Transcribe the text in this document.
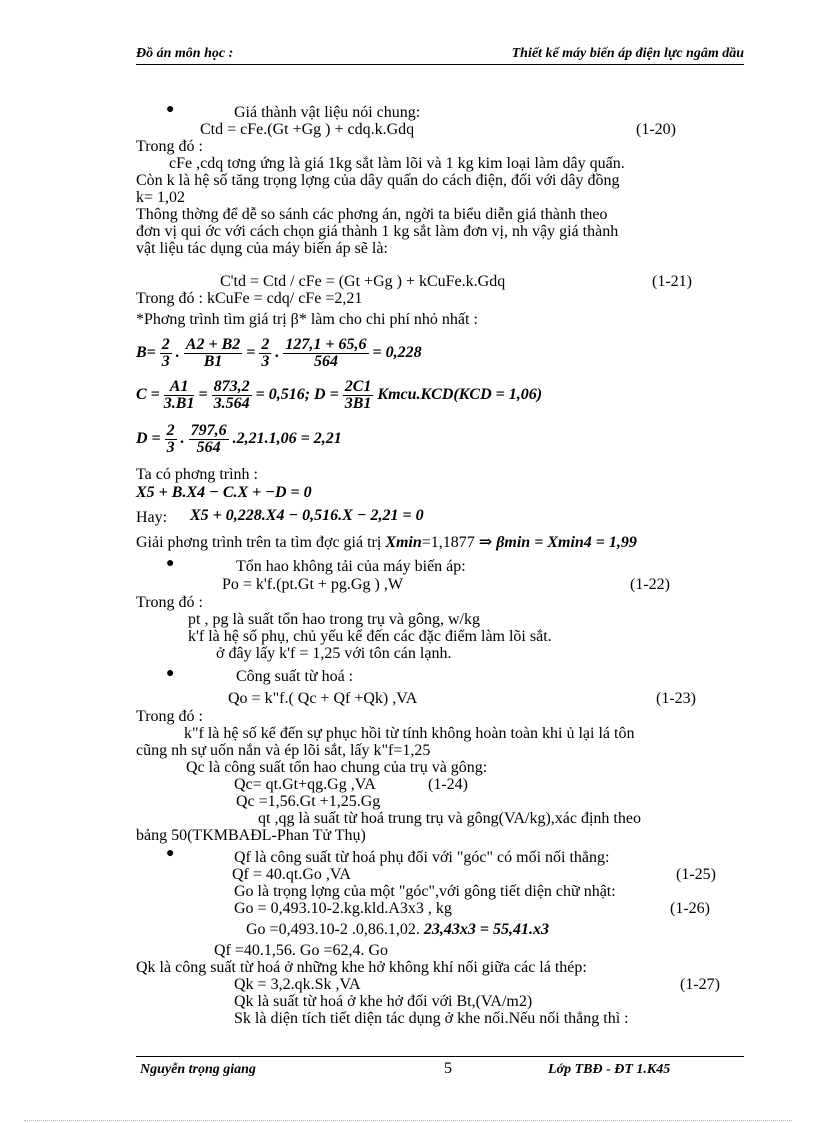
Đồ án môn học :	Thiết kế máy biến áp điện lực ngâm dầu
●	Giá thành vật liệu nói chung:
Ctd = cFe.(Gt +Gg ) + cdq.k.Gdq	(1-20)
Trong đó :
cFe ,cdq tơng ứng là giá 1kg sắt làm lõi và 1 kg kim loại làm dây quấn.
Còn k là hệ số tăng trọng lợng của dây quấn do cách điện, đối với dây đồng
k= 1,02
Thông thờng để dễ so sánh các phơng án, ngời ta biểu diễn giá thành theo
đơn vị qui ớc với cách chọn giá thành 1 kg sắt làm đơn vị, nh vậy giá thành
vật liệu tác dụng của máy biến áp sẽ là:
C'td = Ctd / cFe = (Gt +Gg ) + kCuFe.k.Gdq	(1-21)
Trong đó : kCuFe = cdq/ cFe =2,21
*Phơng trình tìm giá trị β* làm cho chi phí nhỏ nhất :
$B= \frac{2}{3}$ . $\frac{A2 + B2}{B1} = \frac{2}{3}$ . $\frac{127,1 + 65,6}{564} = 0,228$
$C = \frac{A1}{3.B1} = \frac{873,2}{3.564} = 0,516$; $D = \frac{2C1}{3B1}$ Kmcu.KCD(KCD = 1,06)
$D = \frac{2}{3}$ . $\frac{797,6}{564} .2,21.1,06 = 2,21$
Ta có phơng trình :
X5 + B.X4 − C.X + −D = 0
Hay: X5 + 0,228.X4 − 0,516.X − 2,21 = 0
Giải phơng trình trên ta tìm đợc giá trị Xmin=1,1877 ⇒ βmin = Xmin4 = 1,99
●	Tổn hao không tải của máy biến áp:
Po = k'f.(pt.Gt + pg.Gg ) ,W	(1-22)
Trong đó :
pt , pg là suất tổn hao trong trụ và gông, w/kg
k'f là hệ số phụ, chủ yếu kể đến các đặc điểm làm lõi sắt.
ở đây lấy k'f = 1,25 với tôn cán lạnh.
●	Công suất từ hoá :
Qo = k"f.( Qc + Qf +Qk) ,VA	(1-23)
Trong đó :
k"f là hệ số kể đến sự phục hồi từ tính không hoàn toàn khi ủ lại lá tôn
cũng nh sự uốn nắn và ép lõi sắt, lấy k"f=1,25
Qc là công suất tổn hao chung của trụ và gông:
Qc= qt.Gt+qg.Gg ,VA	(1-24)
Qc =1,56.Gt +1,25.Gg
qt ,qg là suất từ hoá trung trụ và gông(VA/kg),xác định theo
bảng 50(TKMBAĐL-Phan Tử Thụ)
●	Qf là công suất từ hoá phụ đối với "góc" có mối nối thẳng:
Qf = 40.qt.Go ,VA	(1-25)
Go là trọng lợng của một "góc",với gông tiết diện chữ nhật:
Go = 0,493.10-2.kg.kld.A3x3 , kg	(1-26)
Go =0,493.10-2 .0,86.1,02. 23,43x3 = 55,41.x3
Qf =40.1,56. Go =62,4. Go
Qk là công suất từ hoá ở những khe hở không khí nối giữa các lá thép:
Qk = 3,2.qk.Sk ,VA	(1-27)
Qk là suất từ hoá ở khe hở đối với Bt,(VA/m2)
Sk là diện tích tiết diện tác dụng ở khe nối.Nếu nối thẳng thì :
Nguyễn trọng giang	5	Lớp TBĐ - ĐT 1.K45
